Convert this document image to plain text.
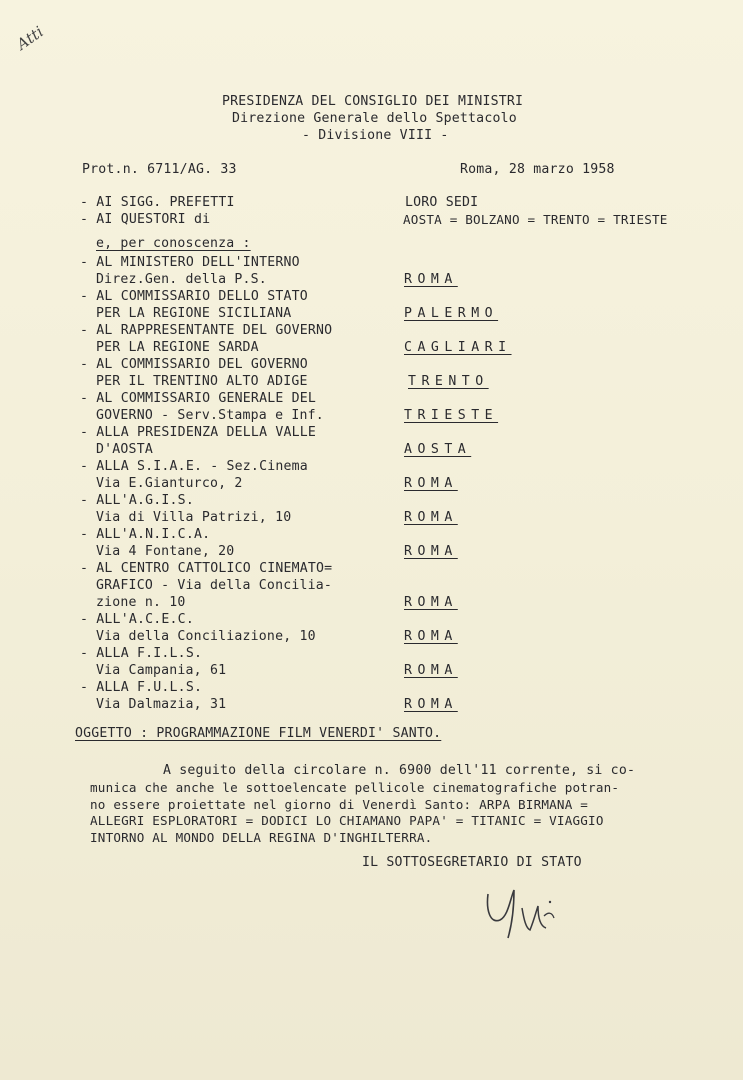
Atti
PRESIDENZA DEL CONSIGLIO DEI MINISTRI
Direzione Generale dello Spettacolo
- Divisione VIII -
Prot.n. 6711/AG. 33	Roma, 28 marzo 1958
- AI SIGG. PREFETTI	LORO SEDI
- AI QUESTORI di	AOSTA = BOLZANO = TRENTO = TRIESTE
e, per conoscenza :
- AL MINISTERO DELL'INTERNO
Direz.Gen. della P.S.	ROMA
- AL COMMISSARIO DELLO STATO
PER LA REGIONE SICILIANA	PALERMO
- AL RAPPRESENTANTE DEL GOVERNO
PER LA REGIONE SARDA	CAGLIARI
- AL COMMISSARIO DEL GOVERNO
PER IL TRENTINO ALTO ADIGE	TRENTO
- AL COMMISSARIO GENERALE DEL
GOVERNO - Serv.Stampa e Inf.	TRIESTE
- ALLA PRESIDENZA DELLA VALLE
D'AOSTA	AOSTA
- ALLA S.I.A.E. - Sez.Cinema
Via E.Gianturco, 2	ROMA
- ALL'A.G.I.S.
Via di Villa Patrizi, 10	ROMA
- ALL'A.N.I.C.A.
Via 4 Fontane, 20	ROMA
- AL CENTRO CATTOLICO CINEMATO=
GRAFICO - Via della Concilia-
zione n. 10	ROMA
- ALL'A.C.E.C.
Via della Conciliazione, 10	ROMA
- ALLA F.I.L.S.
Via Campania, 61	ROMA
- ALLA F.U.L.S.
Via Dalmazia, 31	ROMA
OGGETTO : PROGRAMMAZIONE FILM VENERDI' SANTO.
A seguito della circolare n. 6900 dell'11 corrente, si co-
munica che anche le sottoelencate pellicole cinematografiche potran-
no essere proiettate nel giorno di Venerdì Santo: ARPA BIRMANA =
ALLEGRI ESPLORATORI = DODICI LO CHIAMANO PAPA' = TITANIC = VIAGGIO
INTORNO AL MONDO DELLA REGINA D'INGHILTERRA.
IL SOTTOSEGRETARIO DI STATO
